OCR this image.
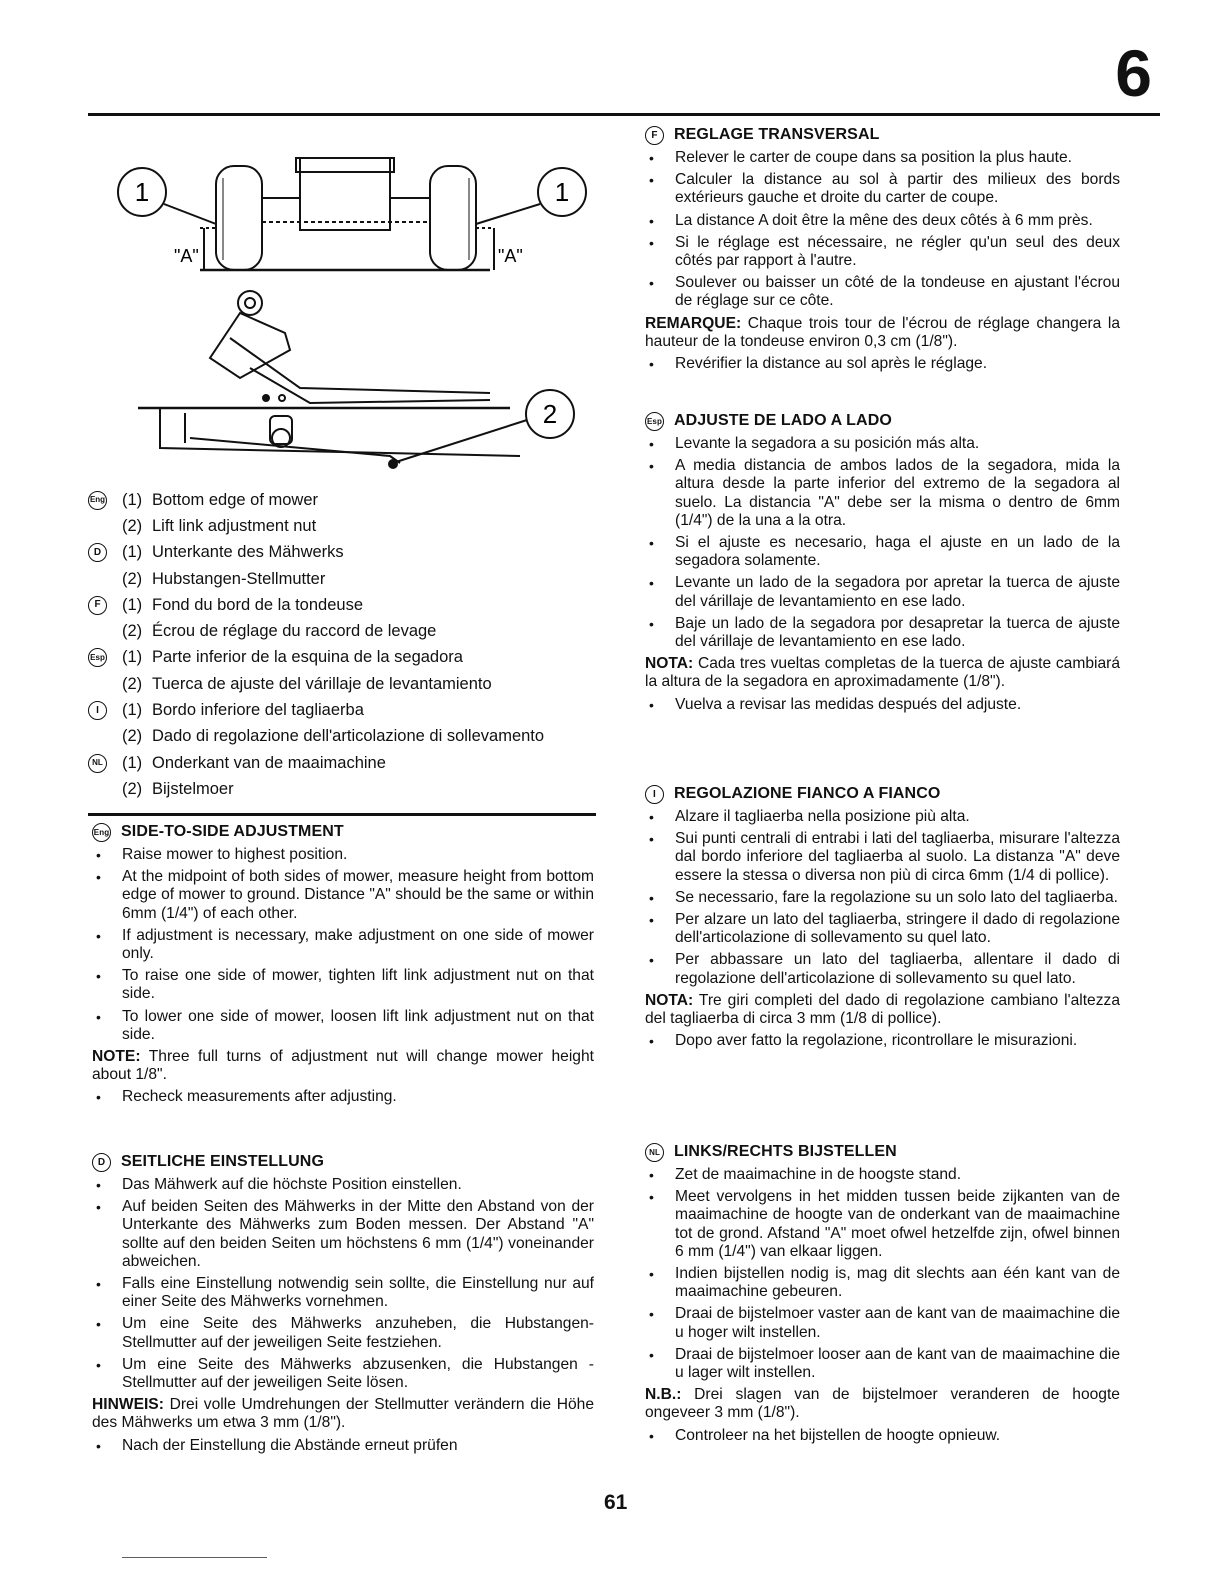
6
1	1
2
"A"	"A"
Eng (1) Bottom edge of mower
(2) Lift link adjustment nut
D	(1) Unterkante des Mähwerks
(2) Hubstangen-Stellmutter
F	(1) Fond du bord de la tondeuse
(2) Écrou de réglage du raccord de levage
Esp (1) Parte inferior de la esquina de la segadora
(2) Tuerca de ajuste del várillaje de levantamiento
I	(1) Bordo inferiore del tagliaerba
(2) Dado di regolazione dell'articolazione di sollevamento
NL (1) Onderkant van de maaimachine
(2) Bijstelmoer
Eng SIDE-TO-SIDE ADJUSTMENT
• Raise mower to highest position.
• At the midpoint of both sides of mower, measure height from bottom edge of mower to ground. Distance "A" should be the same or within 6mm (1/4") of each other.
• If adjustment is necessary, make adjustment on one side of mower only.
• To raise one side of mower, tighten lift link adjustment nut on that side.
• To lower one side of mower, loosen lift link adjustment nut on that side.

NOTE: Three full turns of adjustment nut will change mower height about 1/8".

• Recheck measurements after adjusting.
D SEITLICHE EINSTELLUNG
• Das Mähwerk auf die höchste Position einstellen.
• Auf beiden Seiten des Mähwerks in der Mitte den Abstand von der Unterkante des Mähwerks zum Boden messen. Der Abstand "A" sollte auf den beiden Seiten um höchstens 6 mm (1/4") voneinander abweichen.
• Falls eine Einstellung notwendig sein sollte, die Einstellung nur auf einer Seite des Mähwerks vornehmen.
• Um eine Seite des Mähwerks anzuheben, die Hubstangen-Stellmutter auf der jeweiligen Seite festziehen.
• Um eine Seite des Mähwerks abzusenken, die Hubstangen -Stellmutter auf der jeweiligen Seite lösen.

HINWEIS: Drei volle Umdrehungen der Stellmutter verändern die Höhe des Mähwerks um etwa 3 mm (1/8").

• Nach der Einstellung die Abstände erneut prüfen
F	REGLAGE TRANSVERSAL
• Relever le carter de coupe dans sa position la plus haute.
• Calculer la distance au sol à partir des milieux des bords extérieurs gauche et droite du carter de coupe.
• La distance A doit être la mêne des deux côtés à 6 mm près.
• Si le réglage est nécessaire, ne régler qu'un seul des deux côtés par rapport à l'autre.
• Soulever ou baisser un côté de la tondeuse en ajustant l'écrou de réglage sur ce côte.

REMARQUE: Chaque trois tour de l'écrou de réglage changera la hauteur de la tondeuse environ 0,3 cm (1/8").

• Revérifier la distance au sol après le réglage.
Esp ADJUSTE DE LADO A LADO
• Levante la segadora a su posición más alta.
• A media distancia de ambos lados de la segadora, mida la altura desde la parte inferior del extremo de la segadora al suelo. La distancia "A" debe ser la misma o dentro de 6mm (1/4") de la una a la otra.
• Si el ajuste es necesario, haga el ajuste en un lado de la segadora solamente.
• Levante un lado de la segadora por apretar la tuerca de ajuste del várillaje de levantamiento en ese lado.
• Baje un lado de la segadora por desapretar la tuerca de ajuste del várillaje de levantamiento en ese lado.

NOTA: Cada tres vueltas completas de la tuerca de ajuste cambiará la altura de la segadora en aproximadamente (1/8").

• Vuelva a revisar las medidas después del adjuste.
I	REGOLAZIONE FIANCO A FIANCO
• Alzare il tagliaerba nella posizione più alta.
• Sui punti centrali di entrabi i lati del tagliaerba, misurare l'altezza dal bordo inferiore del tagliaerba al suolo. La distanza "A" deve essere la stessa o diversa non più di circa 6mm (1/4 di pollice).
• Se necessario, fare la regolazione su un solo lato del tagliaerba.
• Per alzare un lato del tagliaerba, stringere il dado di regolazione dell'articolazione di sollevamento su quel lato.
• Per abbassare un lato del tagliaerba, allentare il dado di regolazione dell'articolazione di sollevamento su quel lato.

NOTA: Tre giri completi del dado di regolazione cambiano l'altezza del tagliaerba di circa 3 mm (1/8 di pollice).

• Dopo aver fatto la regolazione, ricontrollare le misurazioni.
NL LINKS/RECHTS BIJSTELLEN
• Zet de maaimachine in de hoogste stand.
• Meet vervolgens in het midden tussen beide zijkanten van de maaimachine de hoogte van de onderkant van de maaimachine tot de grond. Afstand "A" moet ofwel hetzelfde zijn, ofwel binnen 6 mm (1/4") van elkaar liggen.
• Indien bijstellen nodig is, mag dit slechts aan één kant van de maaimachine gebeuren.
• Draai de bijstelmoer vaster aan de kant van de maaimachine die u hoger wilt instellen.
• Draai de bijstelmoer looser aan de kant van de maaimachine die u lager wilt instellen.

N.B.: Drei slagen van de bijstelmoer veranderen de hoogte ongeveer 3 mm (1/8").

• Controleer na het bijstellen de hoogte opnieuw.
61
